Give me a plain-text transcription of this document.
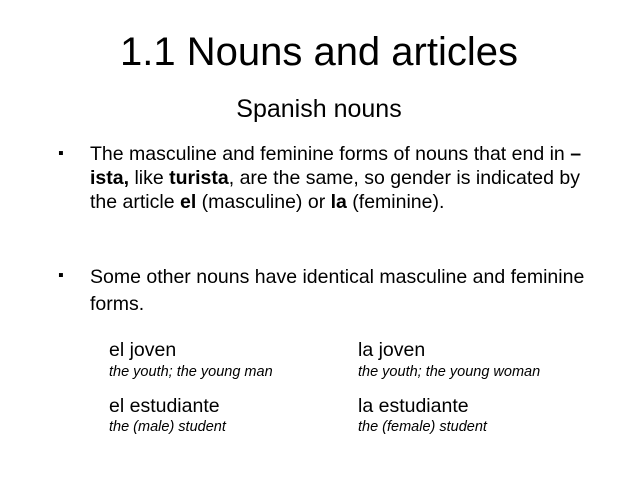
1.1 Nouns and articles
Spanish nouns
▪ The masculine and feminine forms of nouns that end in –ista, like turista, are the same, so gender is indicated by the article el (masculine) or la (feminine).
▪ Some other nouns have identical masculine and feminine forms.
el joven
the youth; the young man
la joven
the youth; the young woman
el estudiante
the (male) student
la estudiante
the (female) student
